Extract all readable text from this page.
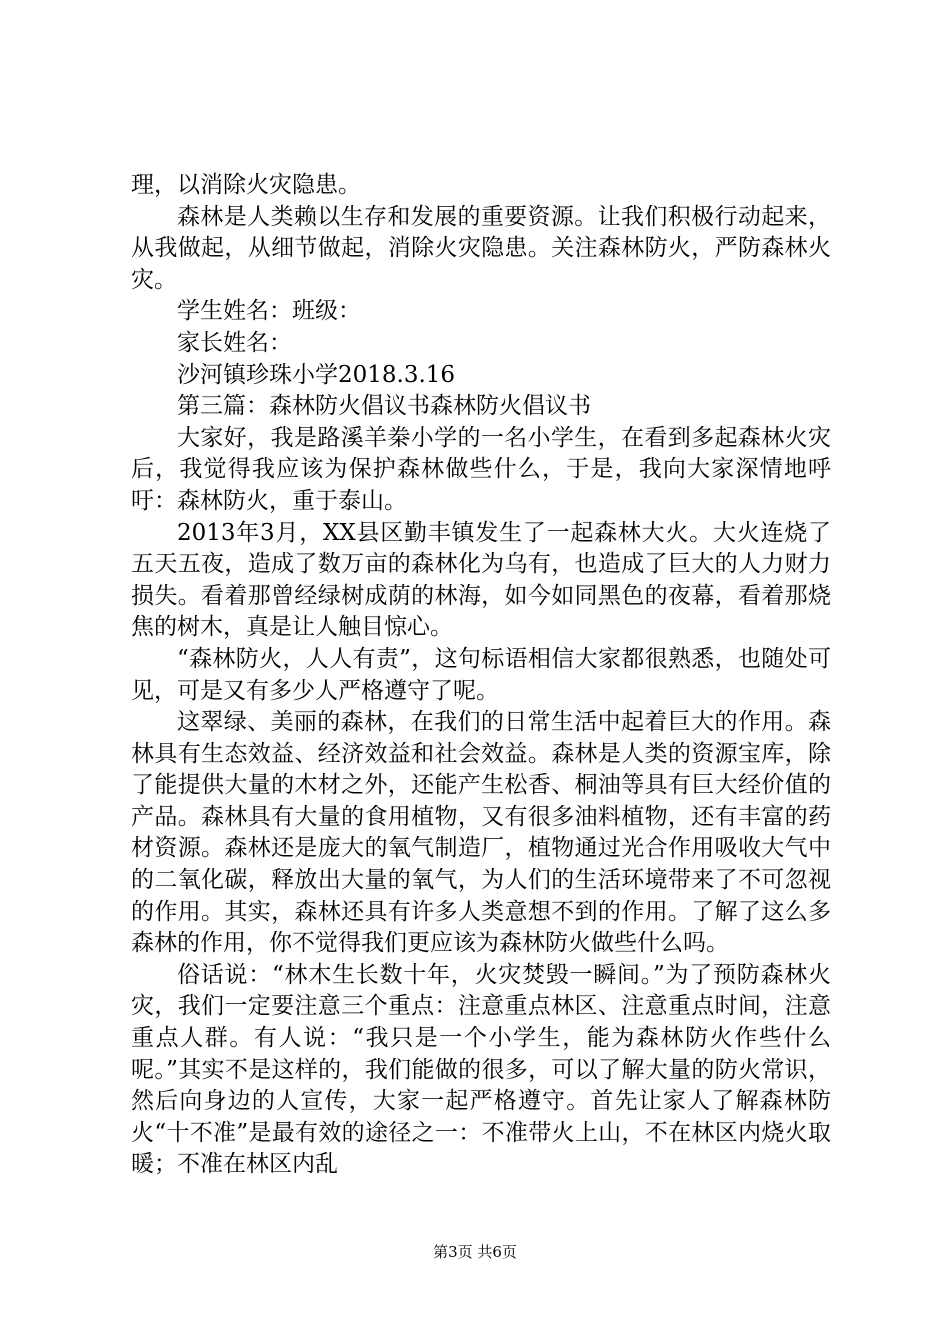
理，以消除火灾隐患。

森林是人类赖以生存和发展的重要资源。让我们积极行动起来，从我做起，从细节做起，消除火灾隐患。关注森林防火，严防森林火灾。

学生姓名：班级：

家长姓名：

沙河镇珍珠小学2018.3.16

第三篇：森林防火倡议书森林防火倡议书

大家好，我是路溪羊桊小学的一名小学生，在看到多起森林火灾后，我觉得我应该为保护森林做些什么，于是，我向大家深情地呼吁：森林防火，重于泰山。

2013年3月，XX县区勤丰镇发生了一起森林大火。大火连烧了五天五夜，造成了数万亩的森林化为乌有，也造成了巨大的人力财力损失。看着那曾经绿树成荫的林海，如今如同黑色的夜幕，看着那烧焦的树木，真是让人触目惊心。

“森林防火，人人有责”，这句标语相信大家都很熟悉，也随处可见，可是又有多少人严格遵守了呢。

这翠绿、美丽的森林，在我们的日常生活中起着巨大的作用。森林具有生态效益、经济效益和社会效益。森林是人类的资源宝库，除了能提供大量的木材之外，还能产生松香、桐油等具有巨大经价值的产品。森林具有大量的食用植物，又有很多油料植物，还有丰富的药材资源。森林还是庞大的氧气制造厂，植物通过光合作用吸收大气中的二氧化碳，释放出大量的氧气，为人们的生活环境带来了不可忽视的作用。其实，森林还具有许多人类意想不到的作用。了解了这么多森林的作用，你不觉得我们更应该为森林防火做些什么吗。

俗话说：“林木生长数十年，火灾焚毁一瞬间。”为了预防森林火灾，我们一定要注意三个重点：注意重点林区、注意重点时间，注意重点人群。有人说：“我只是一个小学生，能为森林防火作些什么呢。”其实不是这样的，我们能做的很多，可以了解大量的防火常识，然后向身边的人宣传，大家一起严格遵守。首先让家人了解森林防火“十不准”是最有效的途径之一：不准带火上山，不在林区内烧火取暖；不准在林区内乱

第3页 共6页
